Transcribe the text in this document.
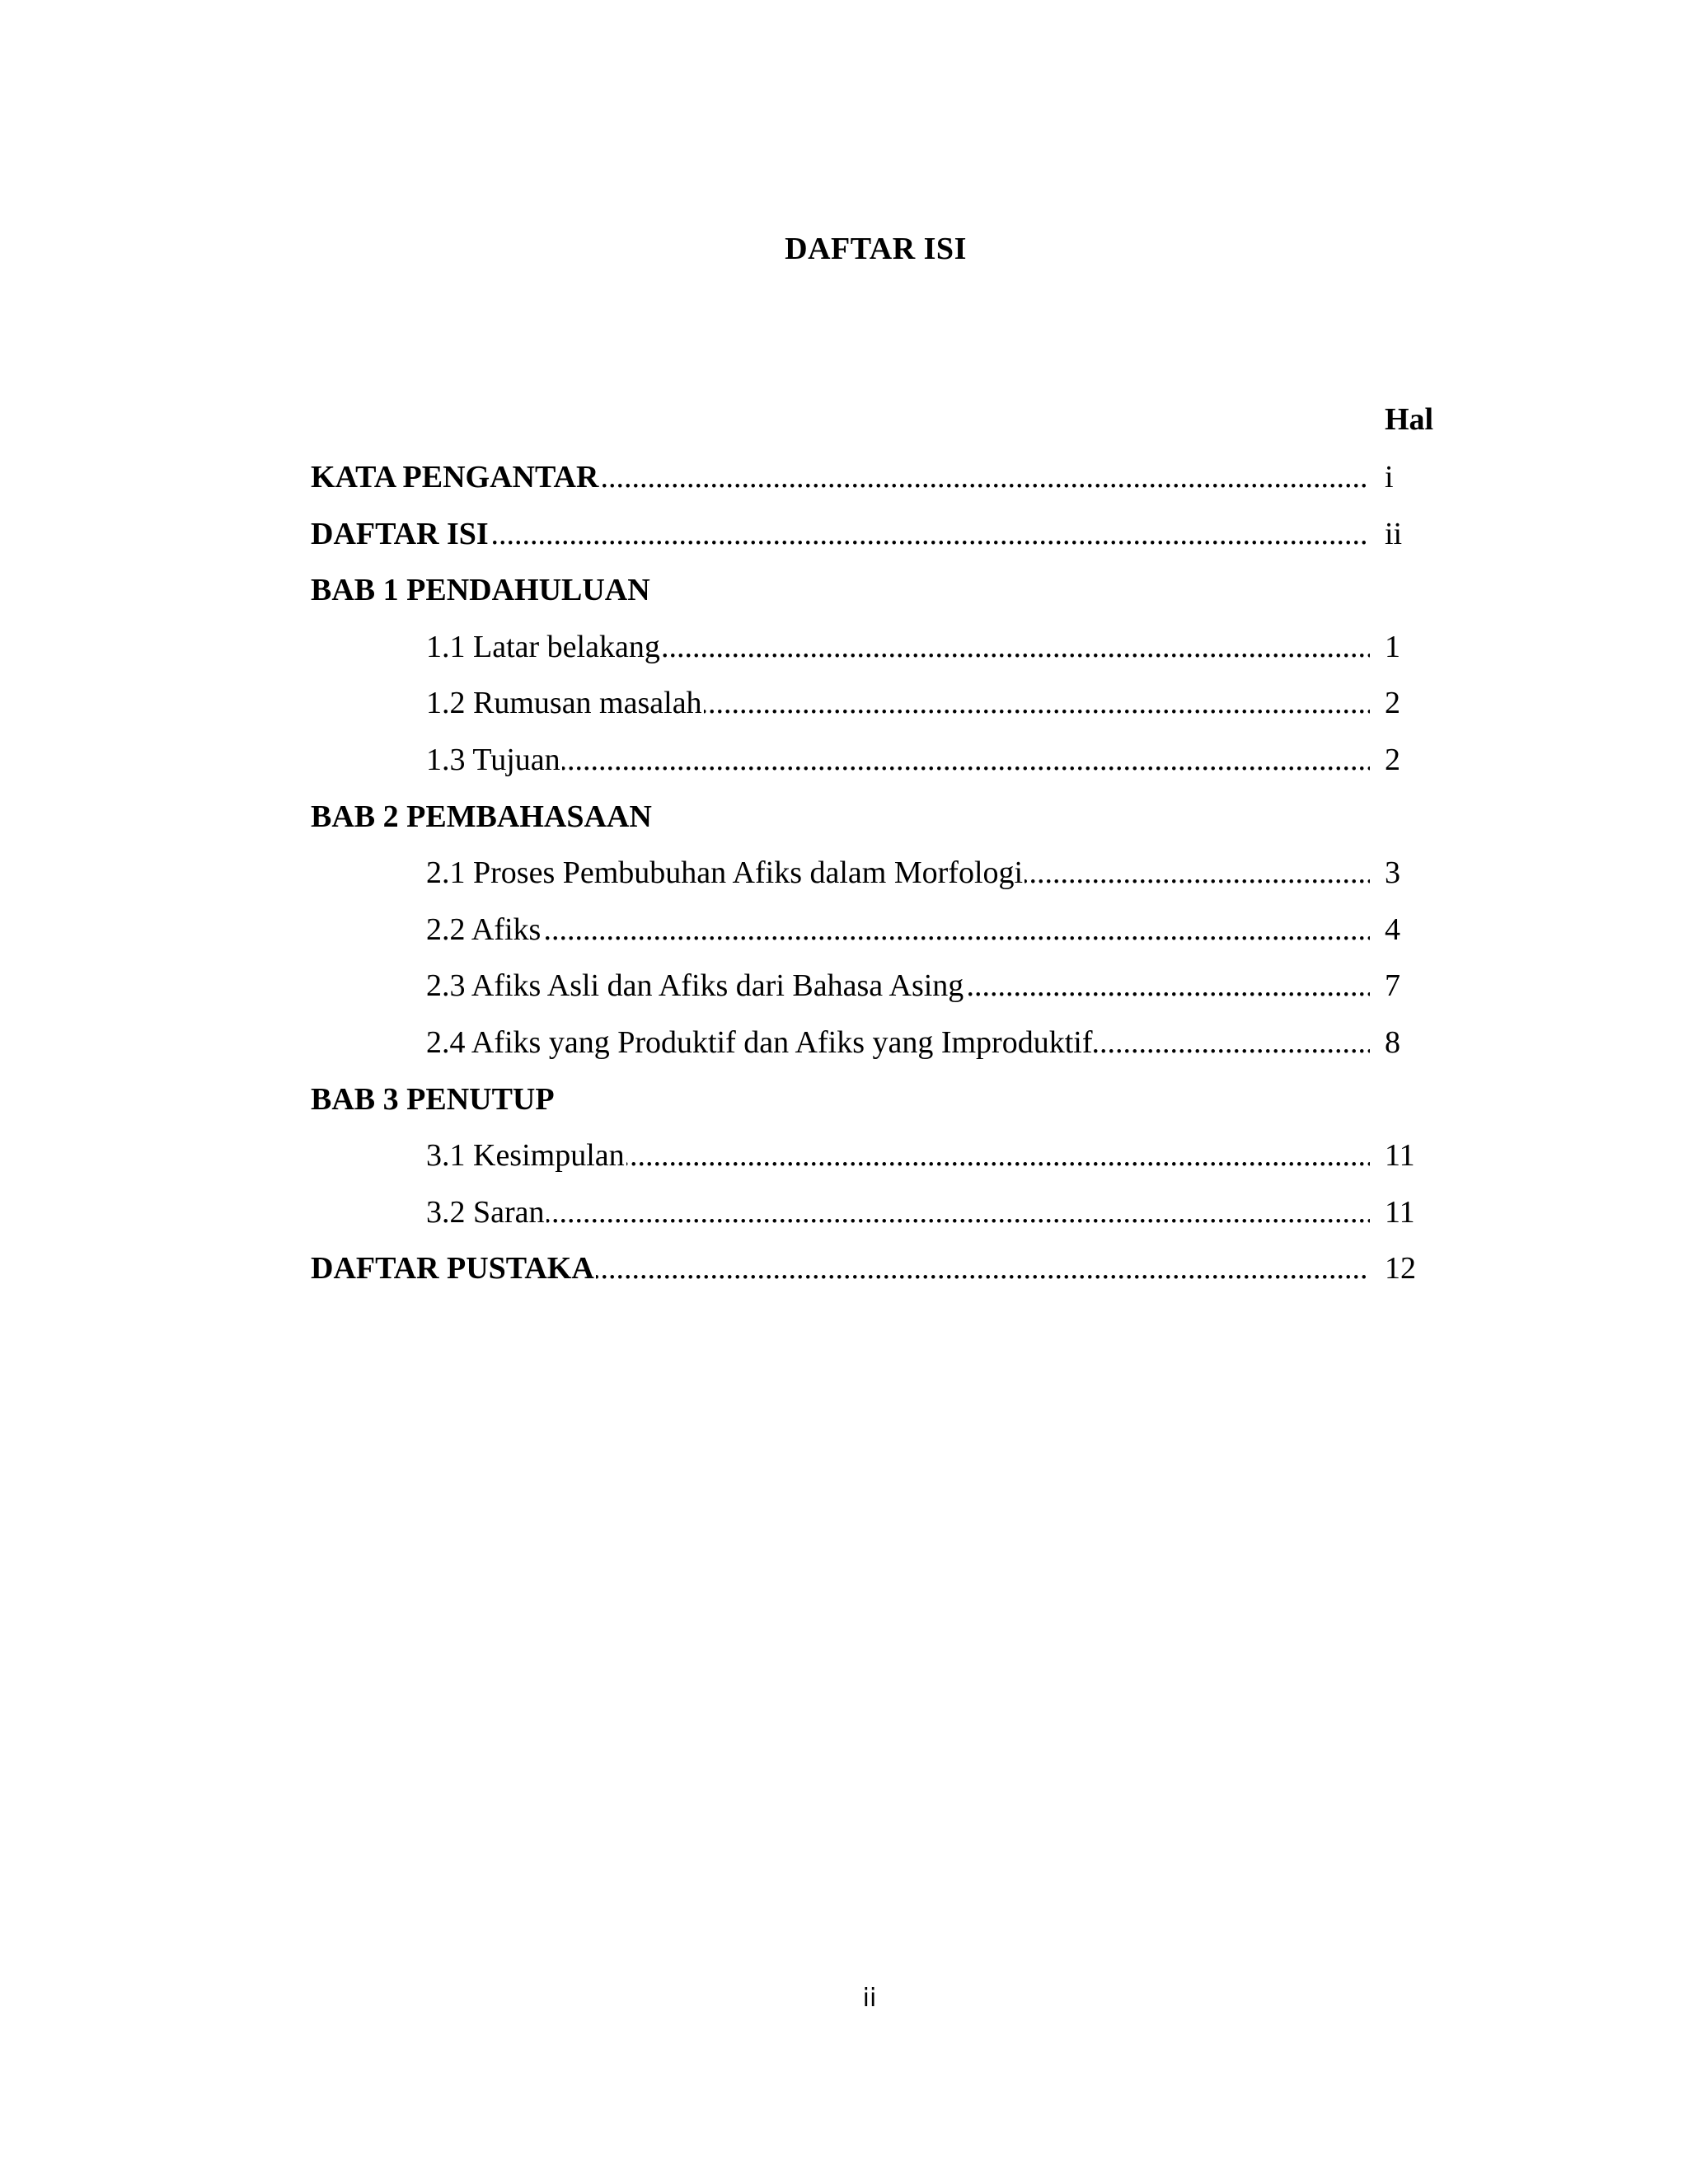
DAFTAR ISI
Hal
.....
KATA PENGANTAR	i
.....
DAFTAR ISI	ii
BAB 1 PENDAHULUAN
.....
1.1 Latar belakang	1
.....
1.2 Rumusan masalah	2
.....
1.3 Tujuan	2
BAB 2 PEMBAHASAAN
.....
2.1 Proses Pembubuhan Afiks dalam Morfologi	3
.....
2.2 Afiks	4
.....
2.3 Afiks Asli dan Afiks dari Bahasa Asing	7
.....
2.4 Afiks yang Produktif dan Afiks yang Improduktif	8
BAB 3 PENUTUP
.....
3.1 Kesimpulan	11
.....
3.2 Saran	11
.....
DAFTAR PUSTAKA	12
ii
